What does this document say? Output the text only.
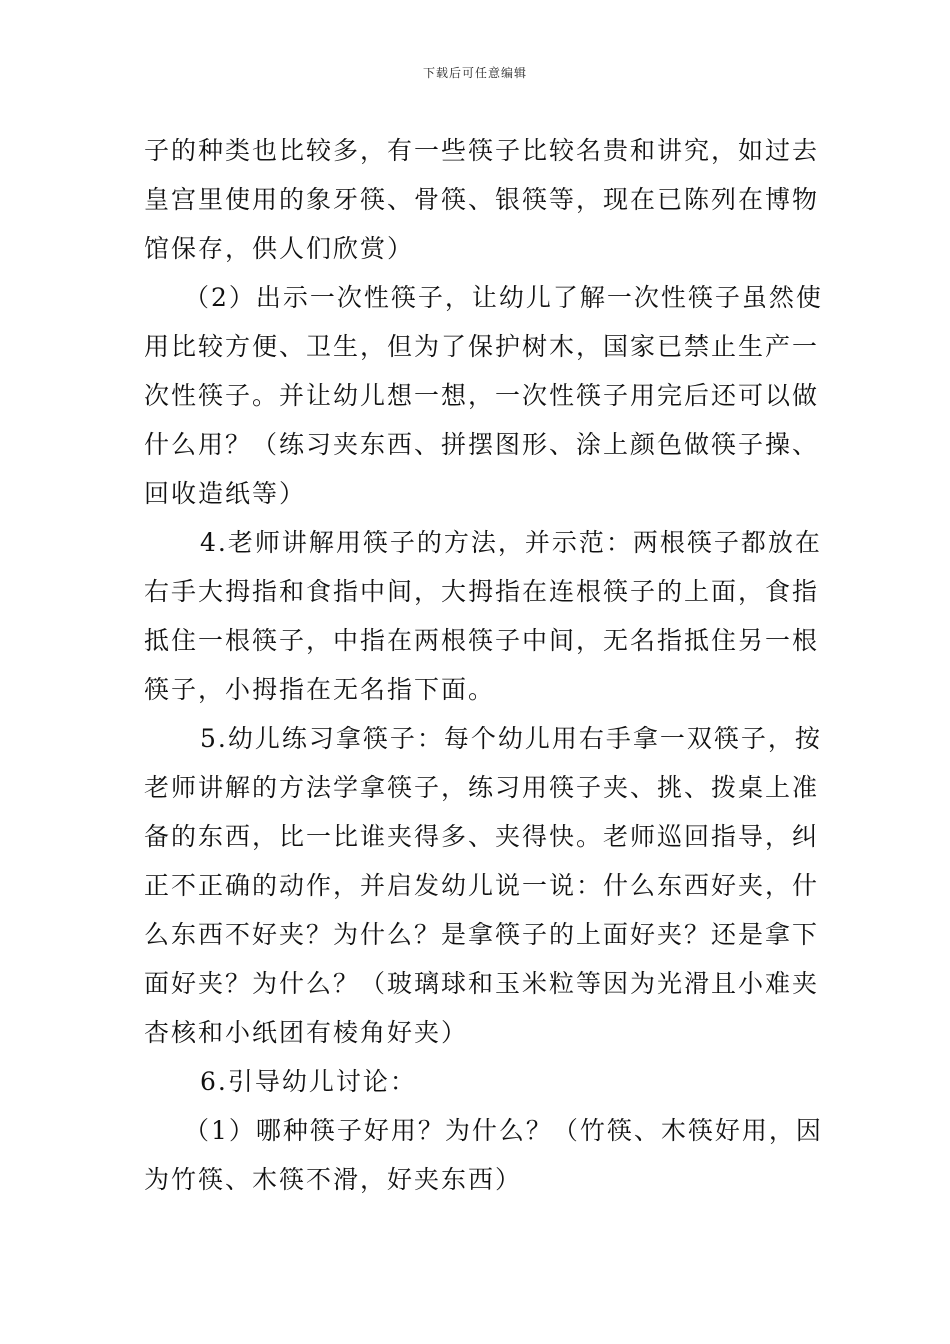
下载后可任意编辑
子的种类也比较多，有一些筷子比较名贵和讲究，如过去
皇宫里使用的象牙筷、骨筷、银筷等，现在已陈列在博物
馆保存，供人们欣赏）
（2）出示一次性筷子，让幼儿了解一次性筷子虽然使
用比较方便、卫生，但为了保护树木，国家已禁止生产一
次性筷子。并让幼儿想一想，一次性筷子用完后还可以做
什么用？（练习夹东西、拼摆图形、涂上颜色做筷子操、
回收造纸等）
4.老师讲解用筷子的方法，并示范：两根筷子都放在
右手大拇指和食指中间，大拇指在连根筷子的上面，食指
抵住一根筷子，中指在两根筷子中间，无名指抵住另一根
筷子，小拇指在无名指下面。
5.幼儿练习拿筷子：每个幼儿用右手拿一双筷子，按
老师讲解的方法学拿筷子，练习用筷子夹、挑、拨桌上准
备的东西，比一比谁夹得多、夹得快。老师巡回指导，纠
正不正确的动作，并启发幼儿说一说：什么东西好夹，什
么东西不好夹？为什么？是拿筷子的上面好夹？还是拿下
面好夹？为什么？（玻璃球和玉米粒等因为光滑且小难夹
杏核和小纸团有棱角好夹）
6.引导幼儿讨论：
（1）哪种筷子好用？为什么？（竹筷、木筷好用，因
为竹筷、木筷不滑，好夹东西）
